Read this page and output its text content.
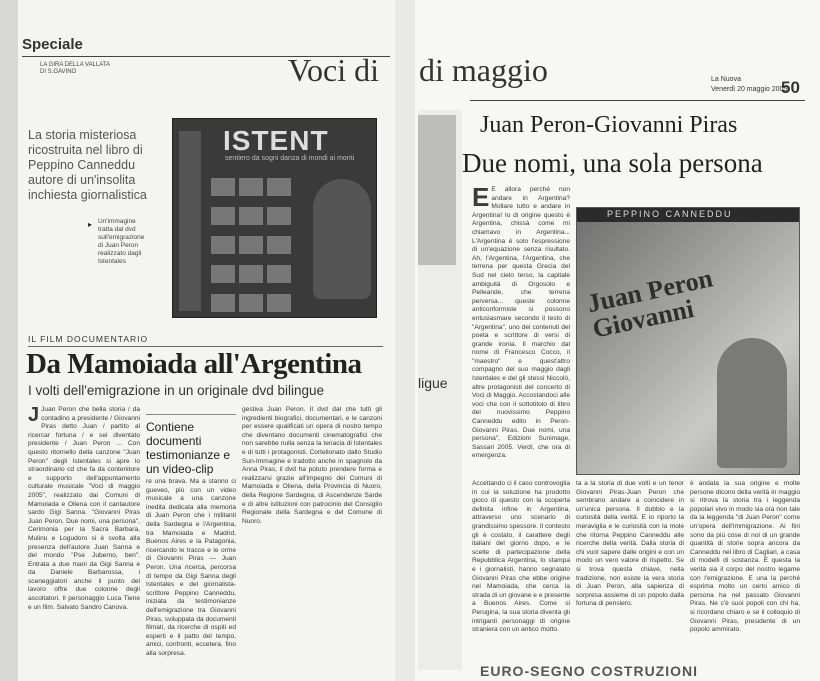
Speciale
LA GIRA DELLA VALLATA DI S.GAVINO	Voci di
La storia misteriosa ricostruita nel libro di Peppino Canneddu autore di un'insolita inchiesta giornalistica
▸ Un'immagine tratta dal dvd sull'emigrazione di Juan Peron realizzato dagli Istentales
ISTENT
sentiero da sogni danza di mondi ai monti
IL FILM DOCUMENTARIO
Da Mamoiada all'Argentina
I volti dell'emigrazione in un originale dvd bilingue
J Juan Peron che bella storia / da contadino a presidente / Giovanni Piras detto Juan / partito al ricercar fortuna / e sei diventato presidente / Juan Peron ... Con questo ritornello della canzone "Juan Peron" degli Istentales si apre lo straordinario cd che fa da contenitore e supporto dell'appuntamento culturale musicale "Voci di maggio 2005", realizzato dai Comuni di Mamoiada e Oliena con il cantautore sardo Gigi Sanna. "Giovanni Piras Juan Peron. Due nomi, una persona", Cerimonia per la Sacra Barbara, Mulinu e Logudoro si è svolta alla presenza dell'autore Juan Sanna e del mondo "Pse Juberno, ben". Entrata a due mani da Gigi Sanna e da Daniele Barbarossa, i sceneggiatori anche il punto del lavoro offre due colonne degli ascoltatori. Il personaggio Luca Tiene e un film. Salvato Sandro Canova.
Contiene documenti testimonianze e un video-clip
re una brava. Ma a stanno ci gueveo, più con un video musicale a una canzone inedita dedicata alla memoria di Juan Peron che i militanti della Sardegna e l'Argentina, tra Mamoiada e Madrid, Buenos Aires e la Patagonia, ricercando le tracce e le orme di Giovanni Piras — Juan Peron. Una ricerca, percorsa di tempo da Gigi Sanna degli Istentales e del giornalista-scrittore Peppino Canneddu, iniziata da testimonianze dell'emigrazione tra Giovanni Piras, sviluppata da documenti filmati, da ricerche di ospiti ed esperti e il patto del tempo, amici, confronti, eccetera, fino alla sorpresa.
gestiva Juan Peron. Il dvd dal che tutti gli ingredienti biografici, documentari, e le canzoni per essere qualificati un opera di nostro tempo che diventano documenti cinematografici che non sarebbe nulla senza la tenacia di Istentales e di tutti i protagonisti. Cortellonato dallo Studio Sun-Immagine e tradotto anche in spagnolo da Anna Piras, il dvd ha potuto prendere forma e realizzarsi grazie all'impegno dei Comuni di Mamoiada e Oliena, della Provincia di Nuoro, della Regione Sardegna, di Ascendenze Sarde e di altre istituzioni con patrocinio del Consiglio Regionale della Sardegna e del Comune di Nuoro.
ligue
di maggio	La Nuova
Venerdì 20 maggio 2005
50
Juan Peron-Giovanni Piras
Due nomi, una sola persona
E E allora perché non andare in Argentina? Mollare tutto e andare in Argentina! Io di origine questo è Argentina, chissà come mi chiamavo in Argentina... L'Argentina è solo l'espressione di un'equazione senza risultato. Ah, l'Argentina, l'Argentina, che terrena per questa Grecia del Sud nel cielo terso, la capitale ambiguità di Orgosolo e Pelleande, che terrena perversa... queste colonne anticonformiste si possono entusiasmare secondo il testo di "Argentina", uno dei contenuti del poeta e scrittore di versi di grande ironia. Il marchio dal nome di Francesco Cocco, il "maestro" e quest'altro compagno del suo maggio dagli Istentales e del gli stessi Niccolò, altre protagonisti del concerto di Voci di Maggio. Accostandoci alle voci che con il sottotitolo di libro del nuovissimo Peppino Canneddu edito in Peron-Giovanni Piras. Due nomi, una persona", Edizioni Sunimage, Sassari 2005. Verdì, che ora di emergenza.
PEPPINO CANNEDDU
Juan Peron
Giovanni
Accettando ci il caso controvoglia in cui la soluzione ha prodotto gioco di questo con la scoperta definita infine in Argentina, attraverso uno scenario di grandissimo spessore. Il contesto gli è costato, il carattere degli italiani del giorno dopo, e le scelte di partecipazione della Repubblica Argentina, lo stampa e i giornalisti, hanno segnalato Giovanni Piras che ebbe origine nel Mamoiada, che cerca la strada di un giovane e e presente a Buenos Aires. Come si Perugina, la sua storia diventa gli intriganti personaggi di origine straniera con un antico motto.
ta a la storia di due volti e un tenor Giovanni Piras-Juan Peron che sembrano andare a coincidere in un'unica persona. Il dubbio e la curiosità della verità. E io riporto la meraviglia e le curiosità con la mole che ritorna Peppino Canneddu alle ricerche della verità. Dalla storia di chi vuol sapere dalle origini e con un modo un vero valore di rispetto. Se si trova questa chiave, nella tradizione, non esiste la vera storia di Juan Peron, alla sapienza di sorpresa assieme di un popolo dalla fortuna di pensiero.
è andata la sua origine e molte persone dicono della verità in maggio si ritrova la storia tra i leggenda popolari vivo in modo sia ora non tale da la leggenda "di Juan Peron" come un'opera dell'immigrazione. Ai fini sono da più cose di noi di un grande quantità di storie sopra ancora da Canneddu nel libro di Cagliari, a casa di modelli di sostanza. È questa la verità sia il corpo del nostro legame con l'emigrazione. E una la perché esprima molto un certo amico di persona ha nel passato Giovanni Piras. Ne c'è suoi popoli con chi ha, si ricordano chiaro e se il colloquio di Giovanni Piras, presidente di un popolo ammirato.
EURO-SEGNO COSTRUZIONI
